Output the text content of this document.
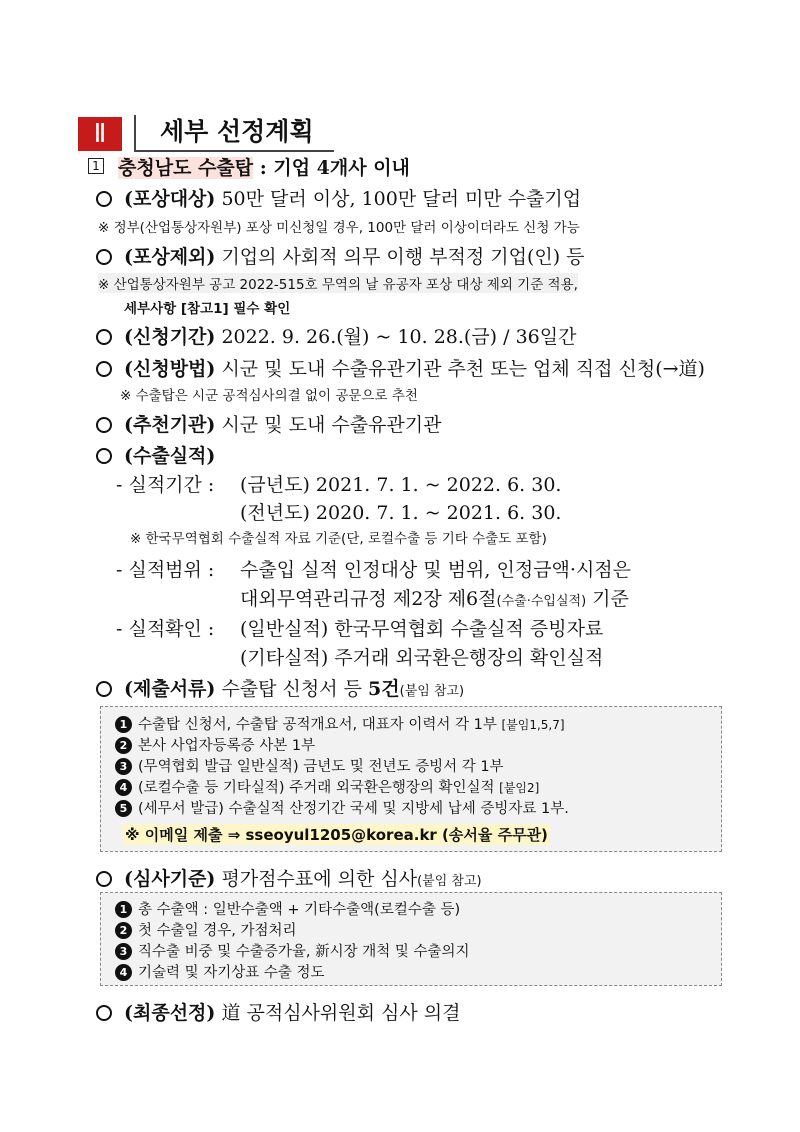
Ⅱ	세부 선정계획
1 충청남도 수출탑 : 기업 4개사 이내
(포상대상) 50만 달러 이상, 100만 달러 미만 수출기업
※ 정부(산업통상자원부) 포상 미신청일 경우, 100만 달러 이상이더라도 신청 가능
(포상제외) 기업의 사회적 의무 이행 부적정 기업(인) 등
※ 산업통상자원부 공고 2022-515호 무역의 날 유공자 포상 대상 제외 기준 적용,
세부사항 [참고1] 필수 확인
(신청기간) 2022. 9. 26.(월) ~ 10. 28.(금) / 36일간
(신청방법) 시군 및 도내 수출유관기관 추천 또는 업체 직접 신청(→道)
※ 수출탑은 시군 공적심사의결 없이 공문으로 추천
(추천기관) 시군 및 도내 수출유관기관
(수출실적)
- 실적기간 : (금년도) 2021. 7. 1. ~ 2022. 6. 30.
(전년도) 2020. 7. 1. ~ 2021. 6. 30.
※ 한국무역협회 수출실적 자료 기준(단, 로컬수출 등 기타 수출도 포함)
- 실적범위 : 수출입 실적 인정대상 및 범위, 인정금액·시점은
대외무역관리규정 제2장 제6절(수출·수입실적) 기준
- 실적확인 : (일반실적) 한국무역협회 수출실적 증빙자료
(기타실적) 주거래 외국환은행장의 확인실적
(제출서류) 수출탑 신청서 등 5건(붙임 참고)
1 수출탑 신청서, 수출탑 공적개요서, 대표자 이력서 각 1부 [붙임1,5,7]
2 본사 사업자등록증 사본 1부
3 (무역협회 발급 일반실적) 금년도 및 전년도 증빙서 각 1부
4 (로컬수출 등 기타실적) 주거래 외국환은행장의 확인실적 [붙임2]
5 (세무서 발급) 수출실적 산정기간 국세 및 지방세 납세 증빙자료 1부.
※ 이메일 제출 ⇒ sseoyul1205@korea.kr (송서율 주무관)
(심사기준) 평가점수표에 의한 심사(붙임 참고)
1 총 수출액 : 일반수출액 + 기타수출액(로컬수출 등)
2 첫 수출일 경우, 가점처리
3 직수출 비중 및 수출증가율, 新시장 개척 및 수출의지
4 기술력 및 자기상표 수출 정도
(최종선정) 道 공적심사위원회 심사 의결
